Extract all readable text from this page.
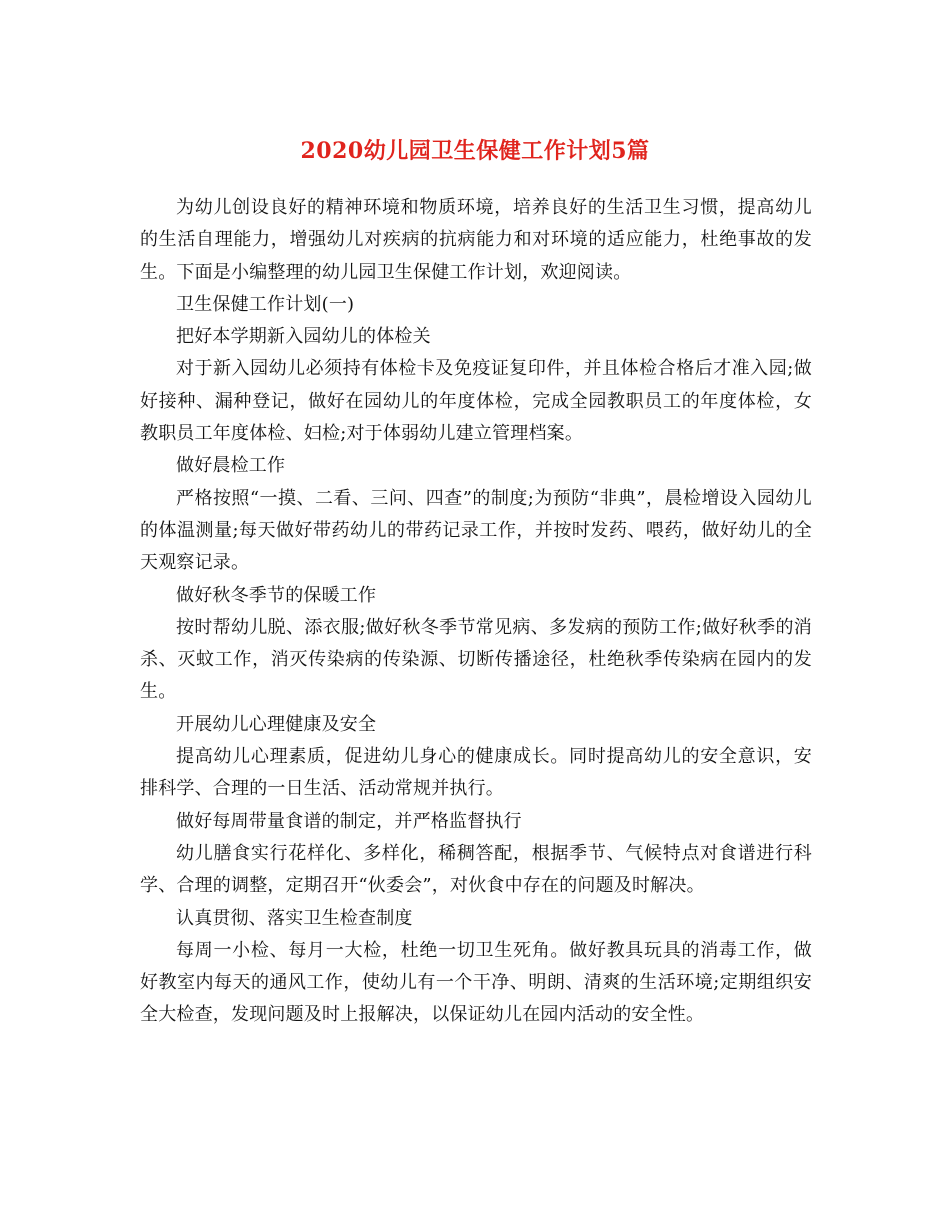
2020幼儿园卫生保健工作计划5篇

为幼儿创设良好的精神环境和物质环境，培养良好的生活卫生习惯，提高幼儿的生活自理能力，增强幼儿对疾病的抗病能力和对环境的适应能力，杜绝事故的发生。下面是小编整理的幼儿园卫生保健工作计划，欢迎阅读。

卫生保健工作计划(一)

把好本学期新入园幼儿的体检关

对于新入园幼儿必须持有体检卡及免疫证复印件，并且体检合格后才准入园;做好接种、漏种登记，做好在园幼儿的年度体检，完成全园教职员工的年度体检，女教职员工年度体检、妇检;对于体弱幼儿建立管理档案。

做好晨检工作

严格按照“一摸、二看、三问、四查”的制度;为预防“非典”，晨检增设入园幼儿的体温测量;每天做好带药幼儿的带药记录工作，并按时发药、喂药，做好幼儿的全天观察记录。

做好秋冬季节的保暖工作

按时帮幼儿脱、添衣服;做好秋冬季节常见病、多发病的预防工作;做好秋季的消杀、灭蚊工作，消灭传染病的传染源、切断传播途径，杜绝秋季传染病在园内的发生。

开展幼儿心理健康及安全

提高幼儿心理素质，促进幼儿身心的健康成长。同时提高幼儿的安全意识，安排科学、合理的一日生活、活动常规并执行。

做好每周带量食谱的制定，并严格监督执行

幼儿膳食实行花样化、多样化，稀稠答配，根据季节、气候特点对食谱进行科学、合理的调整，定期召开“伙委会”，对伙食中存在的问题及时解决。

认真贯彻、落实卫生检查制度

每周一小检、每月一大检，杜绝一切卫生死角。做好教具玩具的消毒工作，做好教室内每天的通风工作，使幼儿有一个干净、明朗、清爽的生活环境;定期组织安全大检查，发现问题及时上报解决，以保证幼儿在园内活动的安全性。
